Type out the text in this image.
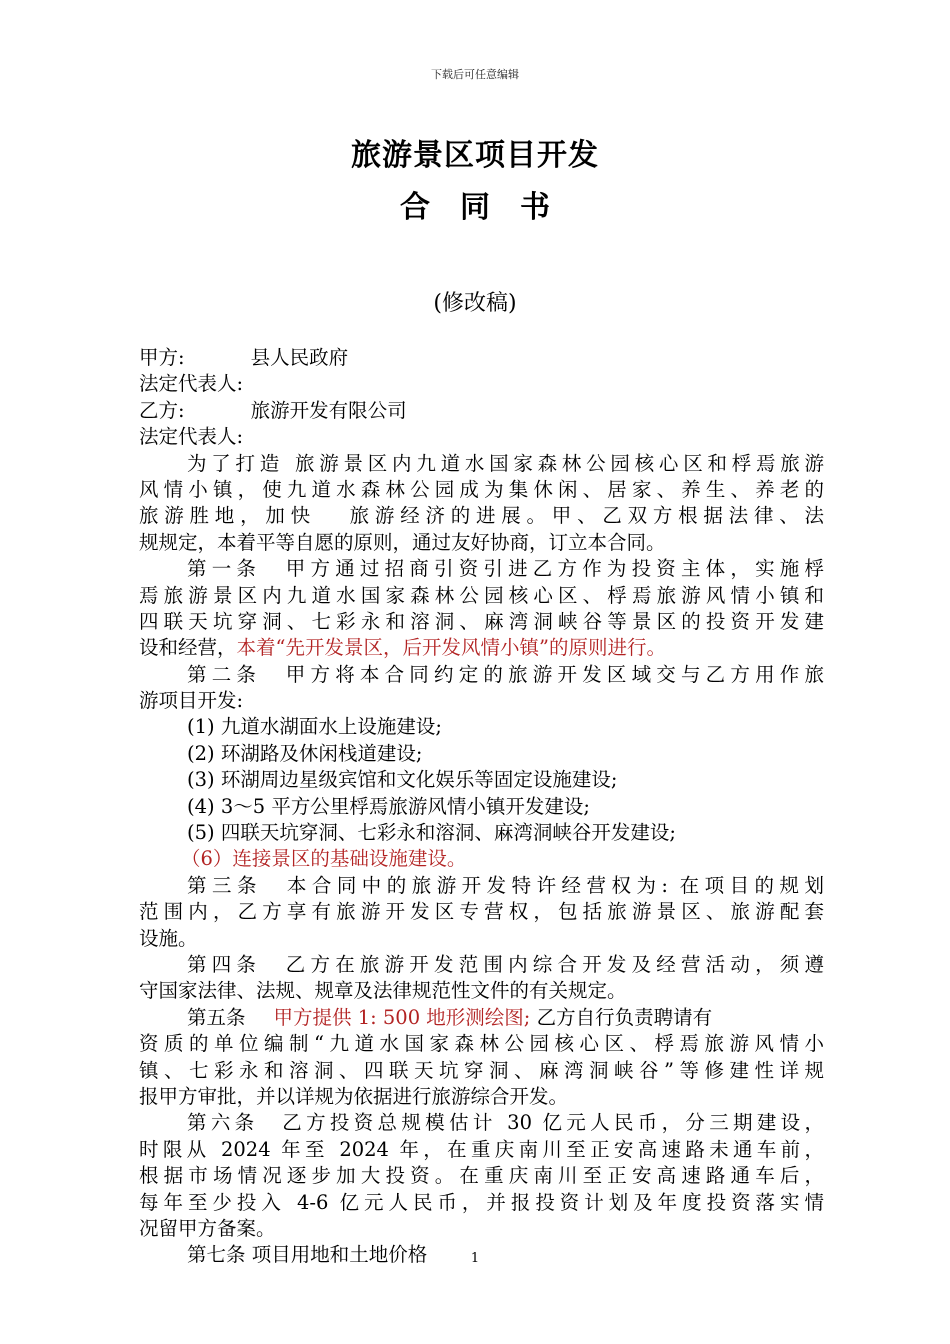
下载后可任意编辑
旅游景区项目开发
合同书
(修改稿)
甲方:	县人民政府
法定代表人:
乙方:	旅游开发有限公司
法定代表人:
为了打造 旅游景区内九道水国家森林公园核心区和桴焉旅游
风情小镇，使九道水森林公园成为集休闲、居家、养生、养老的
旅游胜地，加快 旅游经济的进展。甲、乙双方根据法律、法
规规定，本着平等自愿的原则，通过友好协商，订立本合同。
第一条　甲方通过招商引资引进乙方作为投资主体，实施桴
焉旅游景区内九道水国家森林公园核心区、桴焉旅游风情小镇和
四联天坑穿洞、七彩永和溶洞、麻湾洞峡谷等景区的投资开发建
设和经营，本着“先开发景区，后开发风情小镇”的原则进行。
第二条　甲方将本合同约定的旅游开发区域交与乙方用作旅
游项目开发:
(1) 九道水湖面水上设施建设;
(2) 环湖路及休闲栈道建设;
(3) 环湖周边星级宾馆和文化娱乐等固定设施建设;
(4) 3～5 平方公里桴焉旅游风情小镇开发建设;
(5) 四联天坑穿洞、七彩永和溶洞、麻湾洞峡谷开发建设;
（6）连接景区的基础设施建设。
第三条　本合同中的旅游开发特许经营权为: 在项目的规划
范围内，乙方享有旅游开发区专营权，包括旅游景区、旅游配套
设施。
第四条　乙方在旅游开发范围内综合开发及经营活动，须遵
守国家法律、法规、规章及法律规范性文件的有关规定。
第五条 甲方提供 1: 500 地形测绘图; 乙方自行负责聘请有
资质的单位编制“九道水国家森林公园核心区、桴焉旅游风情小
镇、七彩永和溶洞、四联天坑穿洞、麻湾洞峡谷”等修建性详规
报甲方审批，并以详规为依据进行旅游综合开发。
第六条　乙方投资总规模估计 30 亿元人民币，分三期建设，
时限从 2024 年至 2024 年，在重庆南川至正安高速路未通车前，
根据市场情况逐步加大投资。在重庆南川至正安高速路通车后，
每年至少投入 4-6 亿元人民币，并报投资计划及年度投资落实情
况留甲方备案。
第七条 项目用地和土地价格	1
